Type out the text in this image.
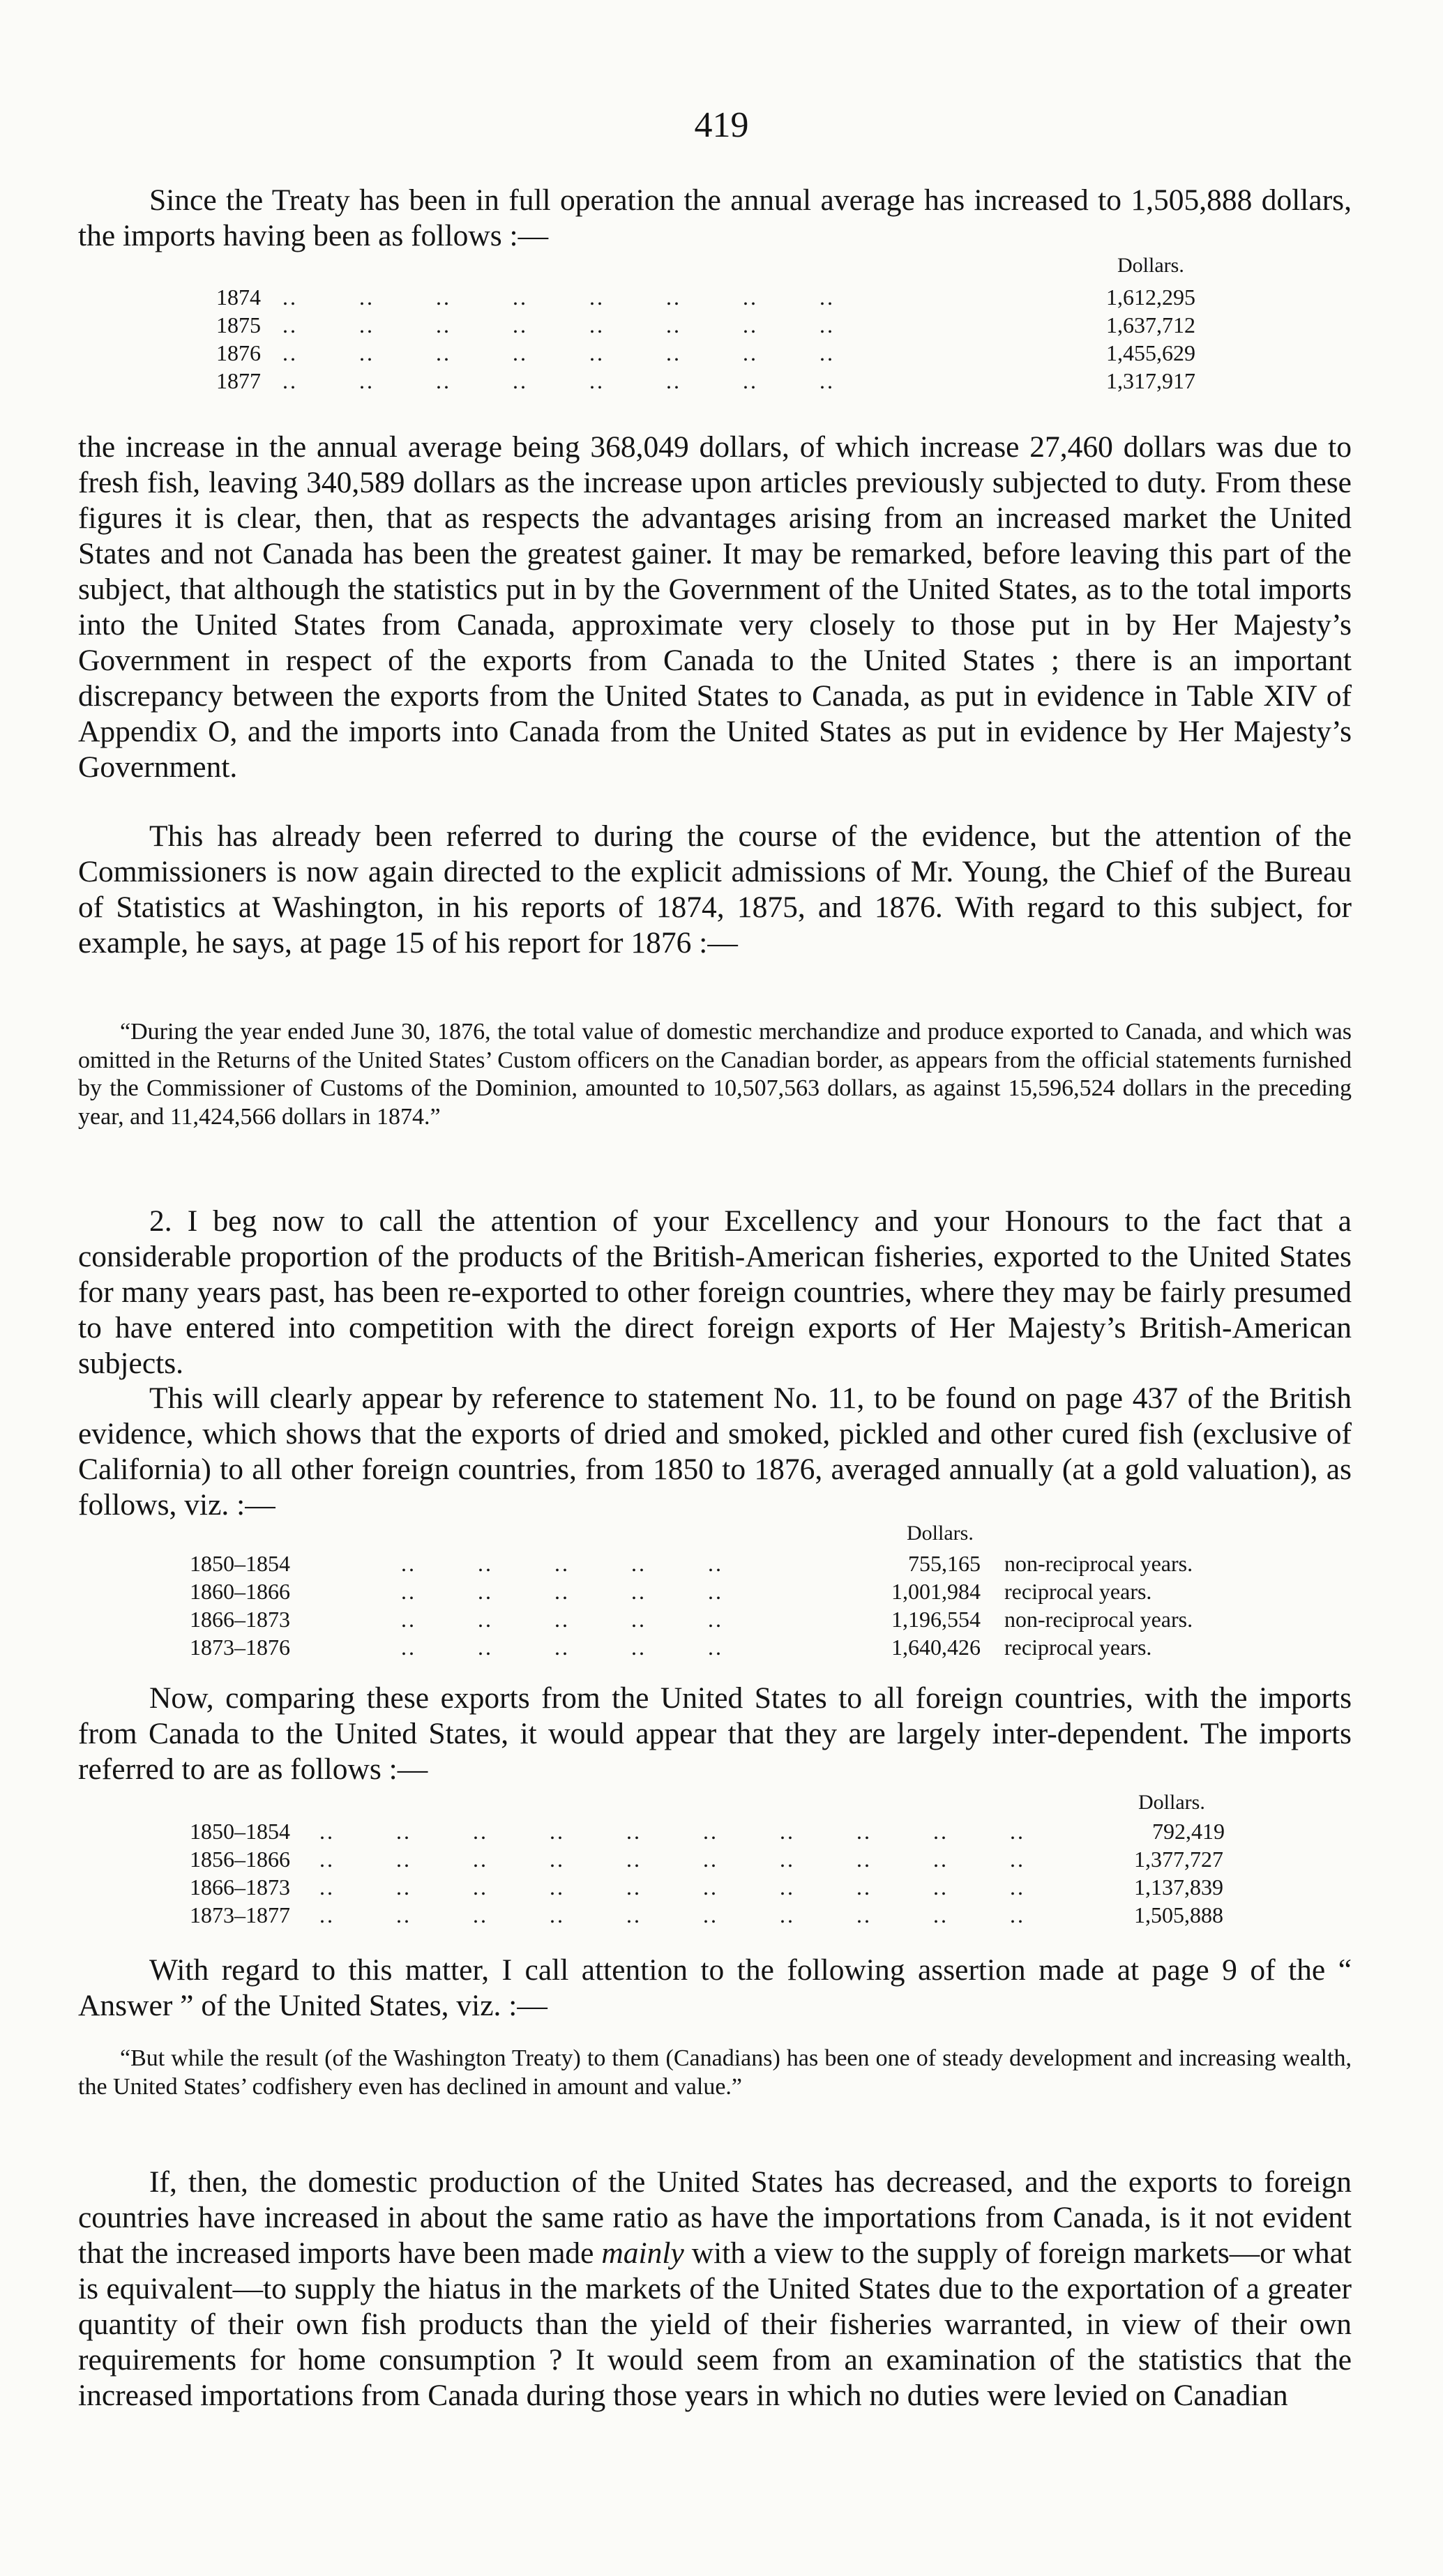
419

Since the Treaty has been in full operation the annual average has increased to 1,505,888 dollars, the imports having been as follows :—

Dollars.
1874 ..        ..        ..        ..        ..        ..        ..        ..	1,612,295
1875 ..        ..        ..        ..        ..        ..        ..        ..	1,637,712
1876 ..        ..        ..        ..        ..        ..        ..        ..	1,455,629
1877 ..        ..        ..        ..        ..        ..        ..        ..	1,317,917

the increase in the annual average being 368,049 dollars, of which increase 27,460 dollars was due to fresh fish, leaving 340,589 dollars as the increase upon articles previously subjected to duty. From these figures it is clear, then, that as respects the advantages arising from an increased market the United States and not Canada has been the greatest gainer. It may be remarked, before leaving this part of the subject, that although the statistics put in by the Government of the United States, as to the total imports into the United States from Canada, approximate very closely to those put in by Her Majesty’s Government in respect of the exports from Canada to the United States ; there is an important discrepancy between the exports from the United States to Canada, as put in evidence in Table XIV of Appendix O, and the imports into Canada from the United States as put in evidence by Her Majesty’s Government.

This has already been referred to during the course of the evidence, but the attention of the Commissioners is now again directed to the explicit admissions of Mr. Young, the Chief of the Bureau of Statistics at Washington, in his reports of 1874, 1875, and 1876. With regard to this subject, for example, he says, at page 15 of his report for 1876 :—

“During the year ended June 30, 1876, the total value of domestic merchandize and produce exported to Canada, and which was omitted in the Returns of the United States’ Custom officers on the Canadian border, as appears from the official statements furnished by the Commissioner of Customs of the Dominion, amounted to 10,507,563 dollars, as against 15,596,524 dollars in the preceding year, and 11,424,566 dollars in 1874.”

2. I beg now to call the attention of your Excellency and your Honours to the fact that a considerable proportion of the products of the British-American fisheries, exported to the United States for many years past, has been re-exported to other foreign countries, where they may be fairly presumed to have entered into competition with the direct foreign exports of Her Majesty’s British-American subjects.

This will clearly appear by reference to statement No. 11, to be found on page 437 of the British evidence, which shows that the exports of dried and smoked, pickled and other cured fish (exclusive of California) to all other foreign countries, from 1850 to 1876, averaged annually (at a gold valuation), as follows, viz. :—

Dollars.
1850–1854	..        ..        ..        ..        ..	755,165 non-reciprocal years.
1860–1866	..        ..        ..        ..        ..	1,001,984 reciprocal years.
1866–1873	..        ..        ..        ..        ..	1,196,554 non-reciprocal years.
1873–1876	..        ..        ..        ..        ..	1,640,426 reciprocal years.

Now, comparing these exports from the United States to all foreign countries, with the imports from Canada to the United States, it would appear that they are largely inter-dependent. The imports referred to are as follows :—

Dollars.
1850–1854 ..        ..        ..        ..        ..        ..        ..        ..        ..        ..	792,419
1856–1866 ..        ..        ..        ..        ..        ..        ..        ..        ..        ..	1,377,727
1866–1873 ..        ..        ..        ..        ..        ..        ..        ..        ..        ..	1,137,839
1873–1877 ..        ..        ..        ..        ..        ..        ..        ..        ..        ..	1,505,888

With regard to this matter, I call attention to the following assertion made at page 9 of the “ Answer ” of the United States, viz. :—

“But while the result (of the Washington Treaty) to them (Canadians) has been one of steady development and increasing wealth, the United States’ codfishery even has declined in amount and value.”

If, then, the domestic production of the United States has decreased, and the exports to foreign countries have increased in about the same ratio as have the importations from Canada, is it not evident that the increased imports have been made mainly with a view to the supply of foreign markets—or what is equivalent—to supply the hiatus in the markets of the United States due to the exportation of a greater quantity of their own fish products than the yield of their fisheries warranted, in view of their own requirements for home consumption ? It would seem from an examination of the statistics that the increased importations from Canada during those years in which no duties were levied on Canadian
